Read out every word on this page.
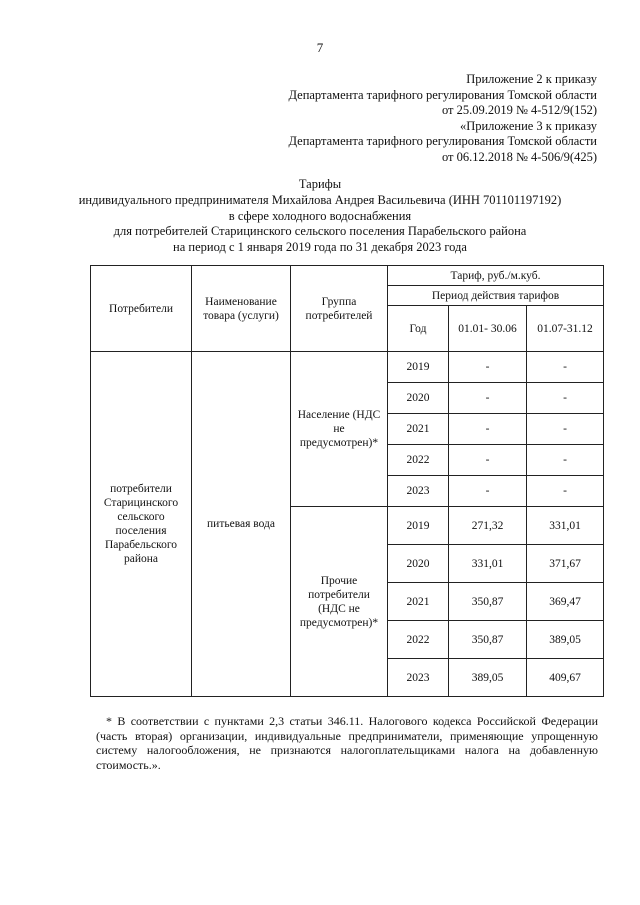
7
Приложение 2 к приказу
Департамента тарифного регулирования Томской области
от 25.09.2019 № 4-512/9(152)
«Приложение 3 к приказу
Департамента тарифного регулирования Томской области
от 06.12.2018 № 4-506/9(425)
Тарифы
индивидуального предпринимателя Михайлова Андрея Васильевича (ИНН 701101197192)
в сфере холодного водоснабжения
для потребителей Старицинского сельского поселения Парабельского района
на период с 1 января 2019 года по 31 декабря 2023 года
Потребители	Наименование товара (услуги)	Группа потребителей	Тариф, руб./м.куб.		
			Период действия тарифов		
			Год	01.01- 30.06	01.07-31.12
потребители Старицинского сельского поселения Парабельского района	питьевая вода	Население (НДС не предусмотрен)*	2019	-	-
			2020	-	-
			2021	-	-
			2022	-	-
			2023	-	-
		Прочие потребители (НДС не предусмотрен)*	2019	271,32	331,01
			2020	331,01	371,67
			2021	350,87	369,47
			2022	350,87	389,05
			2023	389,05	409,67
* В соответствии с пунктами 2,3 статьи 346.11. Налогового кодекса Российской Федерации (часть вторая) организации, индивидуальные предприниматели, применяющие упрощенную систему налогообложения, не признаются налогоплательщиками налога на добавленную стоимость.».
